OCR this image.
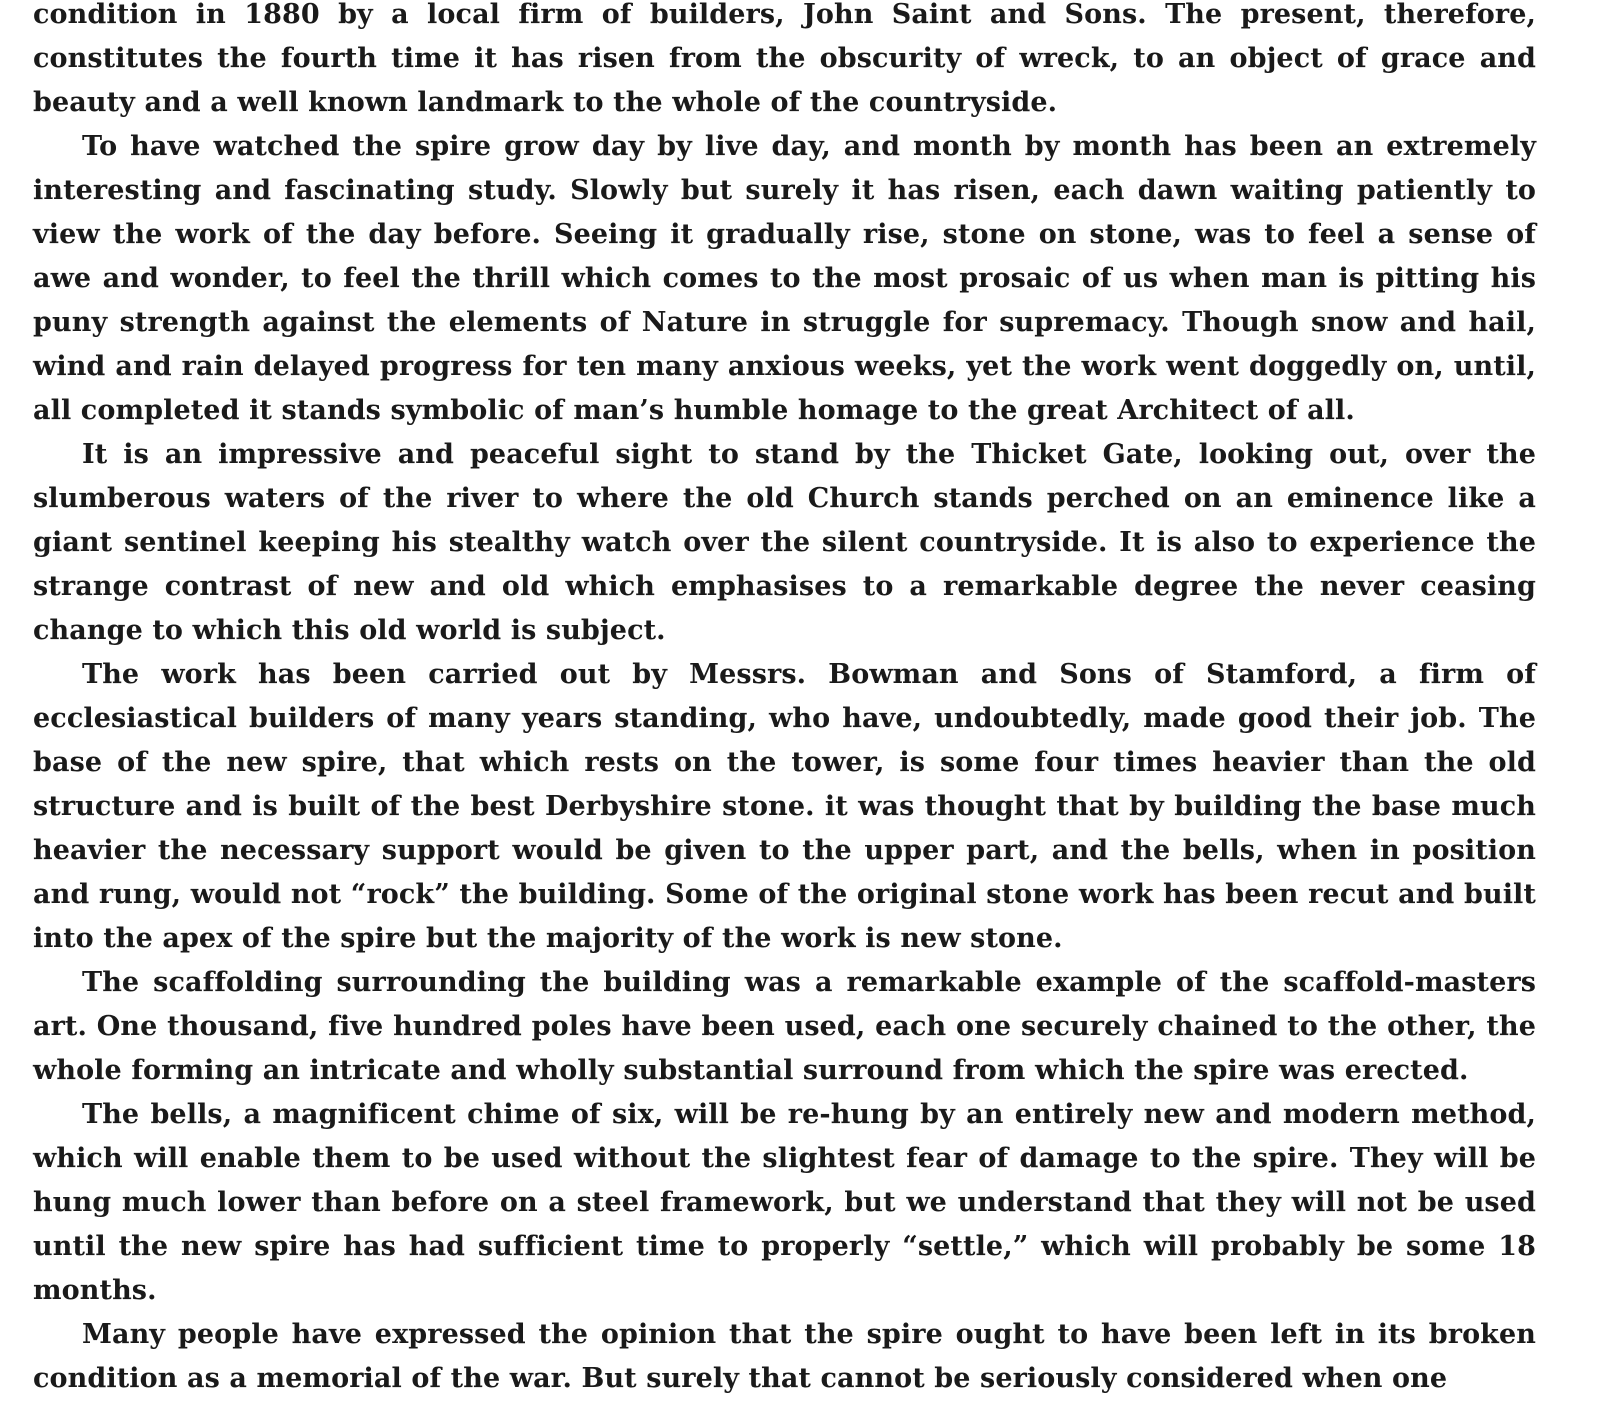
condition in 1880 by a local firm of builders, John Saint and Sons. The present, therefore, constitutes the fourth time it has risen from the obscurity of wreck, to an object of grace and beauty and a well known landmark to the whole of the countryside.

To have watched the spire grow day by live day, and month by month has been an extremely interesting and fascinating study. Slowly but surely it has risen, each dawn waiting patiently to view the work of the day before. Seeing it gradually rise, stone on stone, was to feel a sense of awe and wonder, to feel the thrill which comes to the most prosaic of us when man is pitting his puny strength against the elements of Nature in struggle for supremacy. Though snow and hail, wind and rain delayed progress for ten many anxious weeks, yet the work went doggedly on, until, all completed it stands symbolic of man’s humble homage to the great Architect of all.

It is an impressive and peaceful sight to stand by the Thicket Gate, looking out, over the slumberous waters of the river to where the old Church stands perched on an eminence like a giant sentinel keeping his stealthy watch over the silent countryside. It is also to experience the strange contrast of new and old which emphasises to a remarkable degree the never ceasing change to which this old world is subject.

The work has been carried out by Messrs. Bowman and Sons of Stamford, a firm of ecclesiastical builders of many years standing, who have, undoubtedly, made good their job. The base of the new spire, that which rests on the tower, is some four times heavier than the old structure and is built of the best Derbyshire stone. it was thought that by building the base much heavier the necessary support would be given to the upper part, and the bells, when in position and rung, would not “rock” the building. Some of the original stone work has been recut and built into the apex of the spire but the majority of the work is new stone.

The scaffolding surrounding the building was a remarkable example of the scaffold-masters art. One thousand, five hundred poles have been used, each one securely chained to the other, the whole forming an intricate and wholly substantial surround from which the spire was erected.

The bells, a magnificent chime of six, will be re-hung by an entirely new and modern method, which will enable them to be used without the slightest fear of damage to the spire. They will be hung much lower than before on a steel framework, but we understand that they will not be used until the new spire has had sufficient time to properly “settle,” which will probably be some 18 months.

Many people have expressed the opinion that the spire ought to have been left in its broken condition as a memorial of the war. But surely that cannot be seriously considered when one
